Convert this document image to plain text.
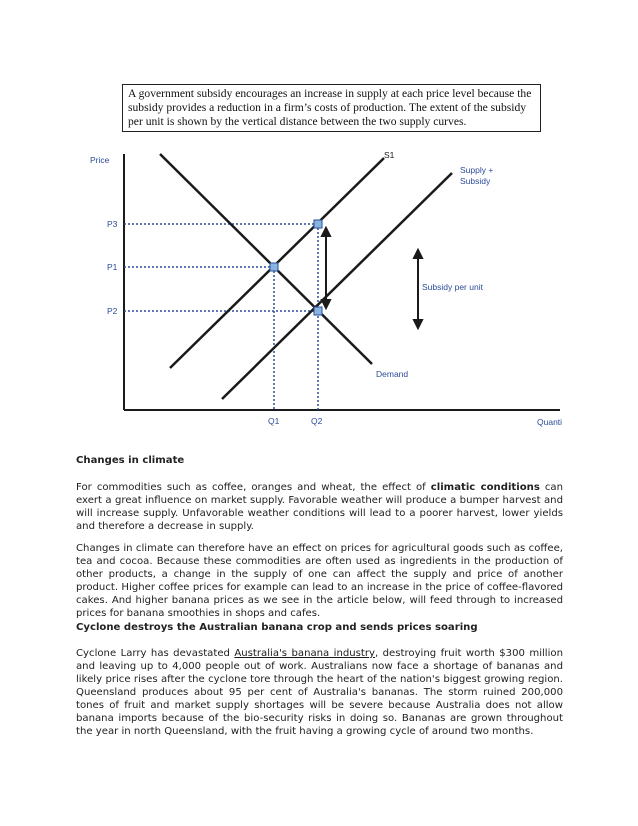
A government subsidy encourages an increase in supply at each price level because the subsidy provides a reduction in a firm’s costs of production. The extent of the subsidy per unit is shown by the vertical distance between the two supply curves.
Price
Quanti
S1
Supply +
Subsidy
Demand
Subsidy per unit
P3
P1
P2
Q1	Q2
Changes in climate

For commodities such as coffee, oranges and wheat, the effect of climatic conditions can exert a great influence on market supply. Favorable weather will produce a bumper harvest and will increase supply. Unfavorable weather conditions will lead to a poorer harvest, lower yields and therefore a decrease in supply.

Changes in climate can therefore have an effect on prices for agricultural goods such as coffee, tea and cocoa. Because these commodities are often used as ingredients in the production of other products, a change in the supply of one can affect the supply and price of another product. Higher coffee prices for example can lead to an increase in the price of coffee-flavored cakes. And higher banana prices as we see in the article below, will feed through to increased prices for banana smoothies in shops and cafes.

Cyclone destroys the Australian banana crop and sends prices soaring

Cyclone Larry has devastated Australia's banana industry, destroying fruit worth $300 million and leaving up to 4,000 people out of work. Australians now face a shortage of bananas and likely price rises after the cyclone tore through the heart of the nation's biggest growing region. Queensland produces about 95 per cent of Australia's bananas. The storm ruined 200,000 tones of fruit and market supply shortages will be severe because Australia does not allow banana imports because of the bio-security risks in doing so. Bananas are grown throughout the year in north Queensland, with the fruit having a growing cycle of around two months.
